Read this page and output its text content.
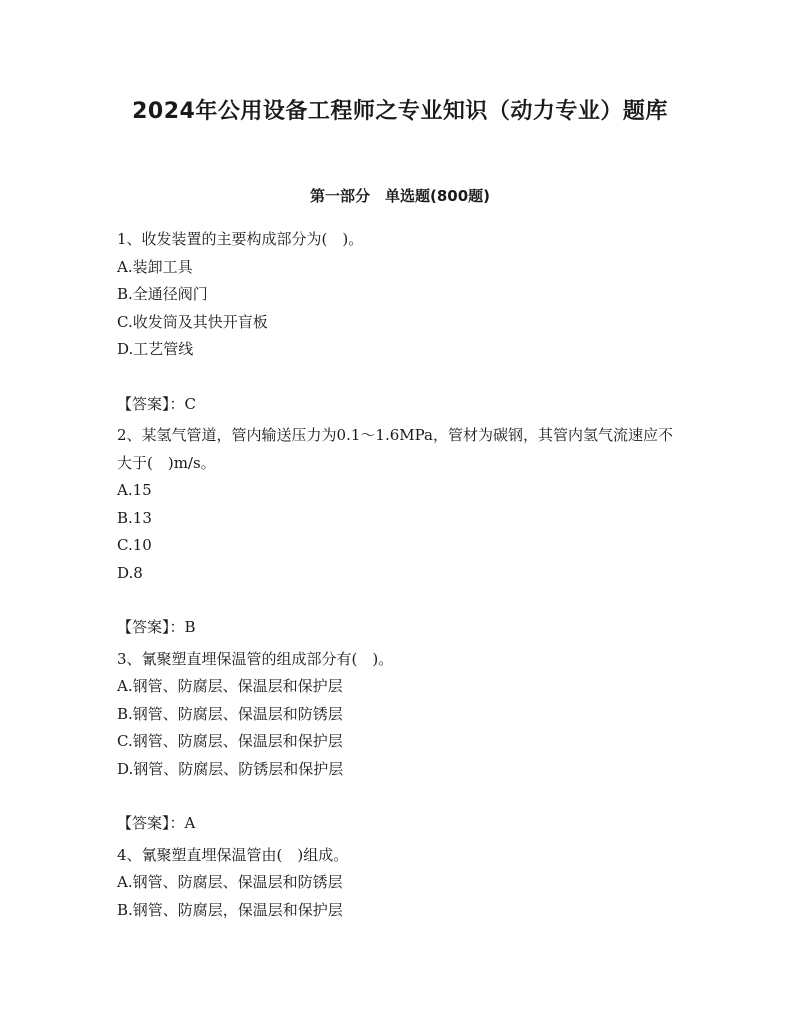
2024年公用设备工程师之专业知识（动力专业）题库
第一部分　单选题(800题)

1、收发装置的主要构成部分为(　)。

A.装卸工具

B.全通径阀门

C.收发筒及其快开盲板

D.工艺管线

【答案】：C

2、某氢气管道，管内输送压力为0.1～1.6MPa，管材为碳钢，其管内氢气流速应不大于(　)m/s。

A.15

B.13

C.10

D.8

【答案】：B

3、氰聚塑直埋保温管的组成部分有(　)。

A.钢管、防腐层、保温层和保护层

B.钢管、防腐层、保温层和防锈层

C.钢管、防腐层、保温层和保护层

D.钢管、防腐层、防锈层和保护层

【答案】：A

4、氰聚塑直埋保温管由(　)组成。

A.钢管、防腐层、保温层和防锈层

B.钢管、防腐层，保温层和保护层
